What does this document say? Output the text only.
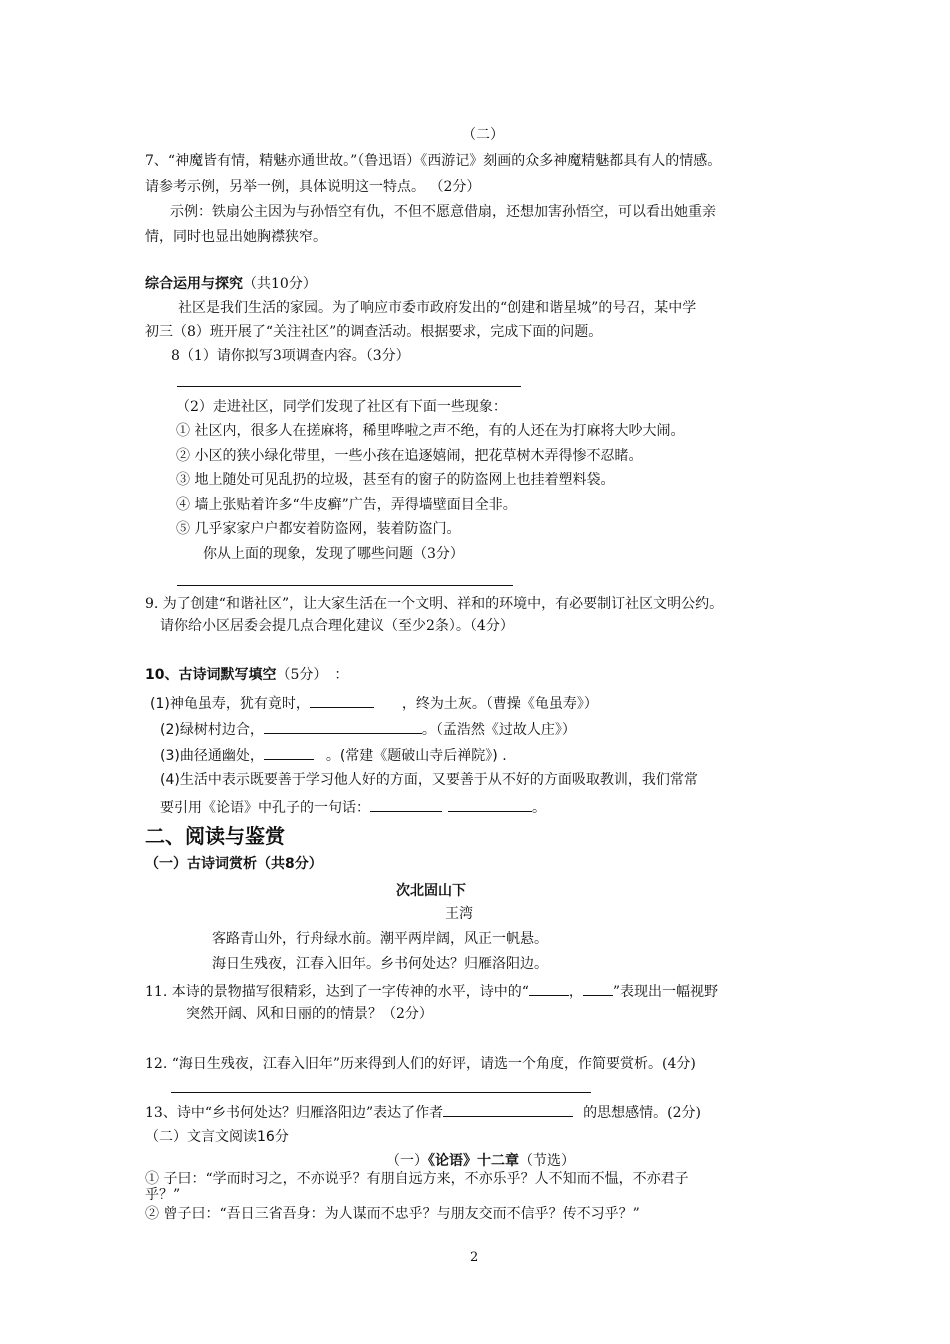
（二）
7、“神魔皆有情，精魅亦通世故。”（鲁迅语）《西游记》刻画的众多神魔精魅都具有人的情感。
请参考示例，另举一例，具体说明这一特点。 （2分）
示例：铁扇公主因为与孙悟空有仇，不但不愿意借扇，还想加害孙悟空，可以看出她重亲
情，同时也显出她胸襟狭窄。
综合运用与探究（共10分）
社区是我们生活的家园。为了响应市委市政府发出的“创建和谐星城”的号召，某中学
初三（8）班开展了“关注社区”的调查活动。根据要求，完成下面的问题。
8（1）请你拟写3项调查内容。（3分）
（2）走进社区，同学们发现了社区有下面一些现象：
① 社区内，很多人在搓麻将，稀里哗啦之声不绝，有的人还在为打麻将大吵大闹。
② 小区的狭小绿化带里，一些小孩在追逐嬉闹，把花草树木弄得惨不忍睹。
③ 地上随处可见乱扔的垃圾，甚至有的窗子的防盗网上也挂着塑料袋。
④ 墙上张贴着许多“牛皮癣”广告，弄得墙壁面目全非。
⑤ 几乎家家户户都安着防盗网，装着防盗门。
你从上面的现象，发现了哪些问题（3分）
9. 为了创建“和谐社区”，让大家生活在一个文明、祥和的环境中，有必要制订社区文明公约。
请你给小区居委会提几点合理化建议（至少2条）。（4分）
10、古诗词默写填空（5分） ：
(1)神龟虽寿，犹有竟时，	，终为土灰。（曹操《龟虽寿》）
(2)绿树村边合，	。（孟浩然《过故人庄》）
(3)曲径通幽处，	。(常建《题破山寺后禅院》) .
(4)生活中表示既要善于学习他人好的方面，又要善于从不好的方面吸取教训，我们常常
要引用《论语》中孔子的一句话：	。
二、阅读与鉴赏
（一）古诗词赏析（共8分）
次北固山下
王湾
客路青山外，行舟绿水前。潮平两岸阔，风正一帆悬。
海日生残夜，江春入旧年。乡书何处达？归雁洛阳边。
11. 本诗的景物描写很精彩，达到了一字传神的水平，诗中的“	， ”表现出一幅视野
突然开阔、风和日丽的的情景？（2分）
12. “海日生残夜，江春入旧年”历来得到人们的好评，请选一个角度，作简要赏析。(4分)
13、诗中“乡书何处达？归雁洛阳边”表达了作者	的思想感情。(2分)
（二）文言文阅读16分
（一）《论语》十二章（节选）
① 子曰：“学而时习之，不亦说乎？有朋自远方来，不亦乐乎？人不知而不愠，不亦君子
乎？”
② 曾子曰：“吾日三省吾身：为人谋而不忠乎？与朋友交而不信乎？传不习乎？”
2
